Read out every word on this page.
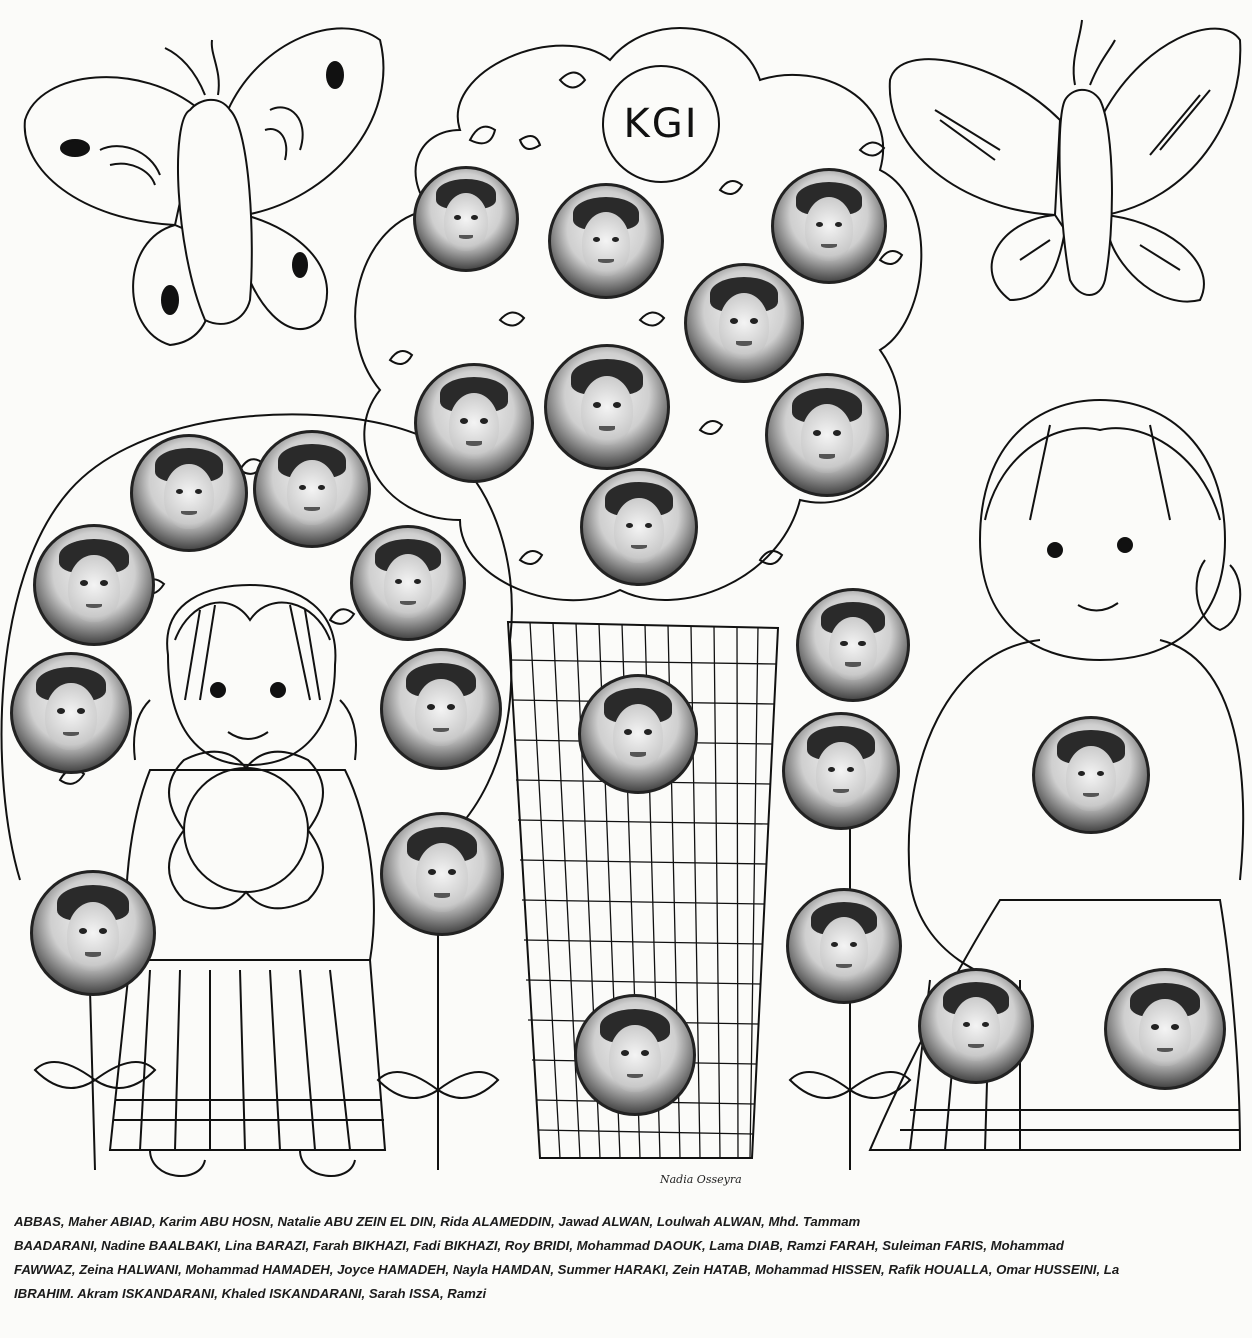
KGI
Nadia Osseyra
ABBAS, Maher ABIAD, Karim ABU HOSN, Natalie ABU ZEIN EL DIN, Rida ALAMEDDIN, Jawad ALWAN, Loulwah ALWAN, Mhd. Tammam
BAADARANI, Nadine BAALBAKI, Lina BARAZI, Farah BIKHAZI, Fadi BIKHAZI, Roy BRIDI, Mohammad DAOUK, Lama DIAB, Ramzi FARAH, Suleiman FARIS, Mohammad
FAWWAZ, Zeina HALWANI, Mohammad HAMADEH, Joyce HAMADEH, Nayla HAMDAN, Summer HARAKI, Zein HATAB, Mohammad HISSEN, Rafik HOUALLA, Omar HUSSEINI, La
IBRAHIM. Akram ISKANDARANI, Khaled ISKANDARANI, Sarah ISSA, Ramzi
